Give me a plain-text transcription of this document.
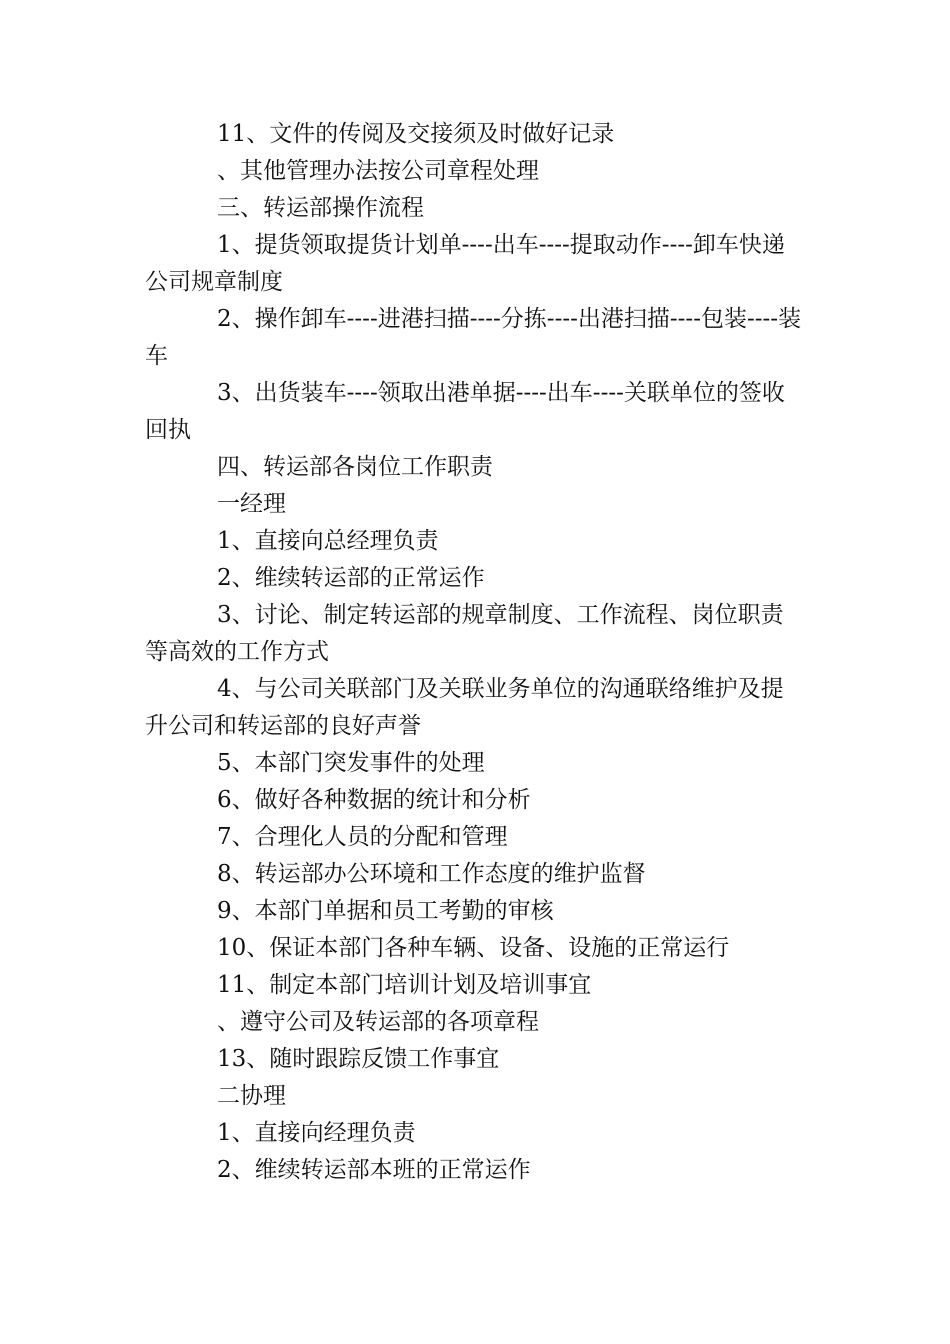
11、文件的传阅及交接须及时做好记录

、其他管理办法按公司章程处理

三、转运部操作流程

1、提货领取提货计划单----出车----提取动作----卸车快递公司规章制度

2、操作卸车----进港扫描----分拣----出港扫描----包装----装车

3、出货装车----领取出港单据----出车----关联单位的签收回执

四、转运部各岗位工作职责

一经理

1、直接向总经理负责

2、维续转运部的正常运作

3、讨论、制定转运部的规章制度、工作流程、岗位职责等高效的工作方式

4、与公司关联部门及关联业务单位的沟通联络维护及提升公司和转运部的良好声誉

5、本部门突发事件的处理

6、做好各种数据的统计和分析

7、合理化人员的分配和管理

8、转运部办公环境和工作态度的维护监督

9、本部门单据和员工考勤的审核

10、保证本部门各种车辆、设备、设施的正常运行

11、制定本部门培训计划及培训事宜

、遵守公司及转运部的各项章程

13、随时跟踪反馈工作事宜

二协理

1、直接向经理负责

2、维续转运部本班的正常运作
